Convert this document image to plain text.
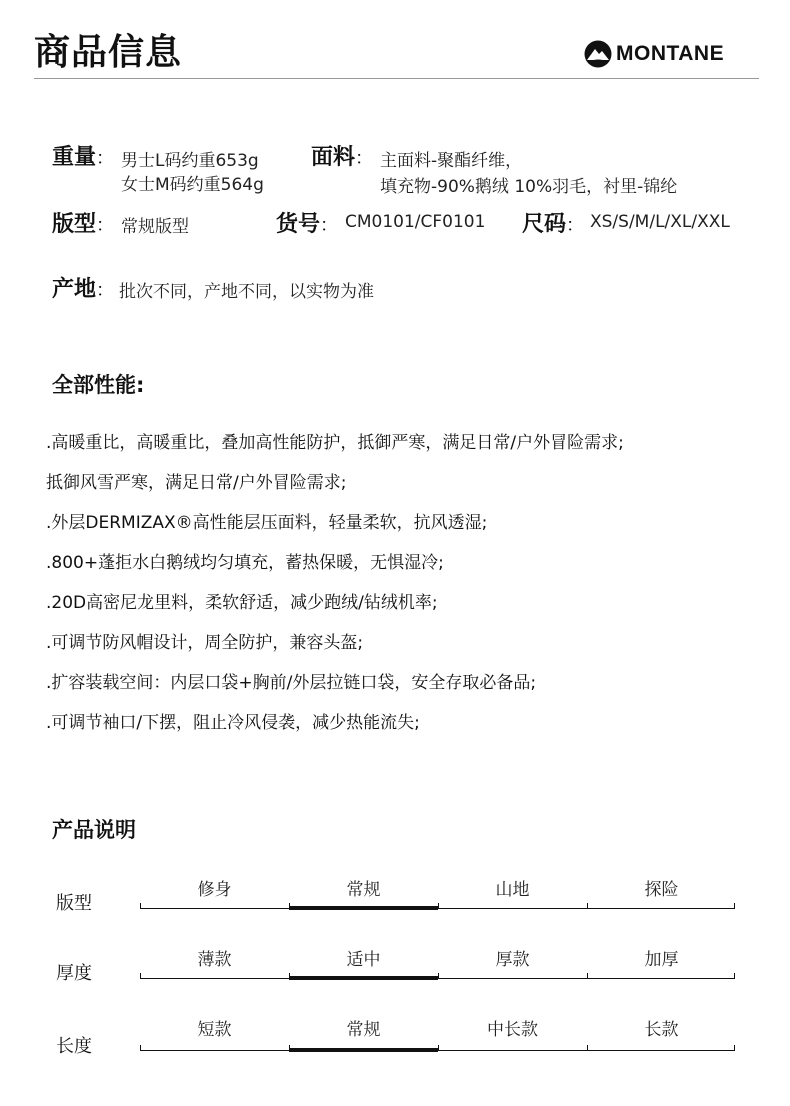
商品信息	MONTANE
重量： 男士L码约重653g
女士M码约重564g
面料： 主面料-聚酯纤维，
填充物-90%鹅绒 10%羽毛，衬里-锦纶
版型： 常规版型	货号： CM0101/CF0101 尺码： XS/S/M/L/XL/XXL
产地： 批次不同，产地不同，以实物为准
全部性能:
.高暖重比，高暖重比，叠加高性能防护，抵御严寒，满足日常/户外冒险需求;
抵御风雪严寒，满足日常/户外冒险需求;
.外层DERMIZAX®高性能层压面料，轻量柔软，抗风透湿;
.800+蓬拒水白鹅绒均匀填充，蓄热保暖，无惧湿冷;
.20D高密尼龙里料，柔软舒适，减少跑绒/钻绒机率;
.可调节防风帽设计，周全防护，兼容头盔;
.扩容装载空间：内层口袋+胸前/外层拉链口袋，安全存取必备品;
.可调节袖口/下摆，阻止冷风侵袭，减少热能流失;
产品说明
版型
修身	常规	山地	探险
厚度
薄款	适中	厚款	加厚
长度
短款	常规	中长款	长款
